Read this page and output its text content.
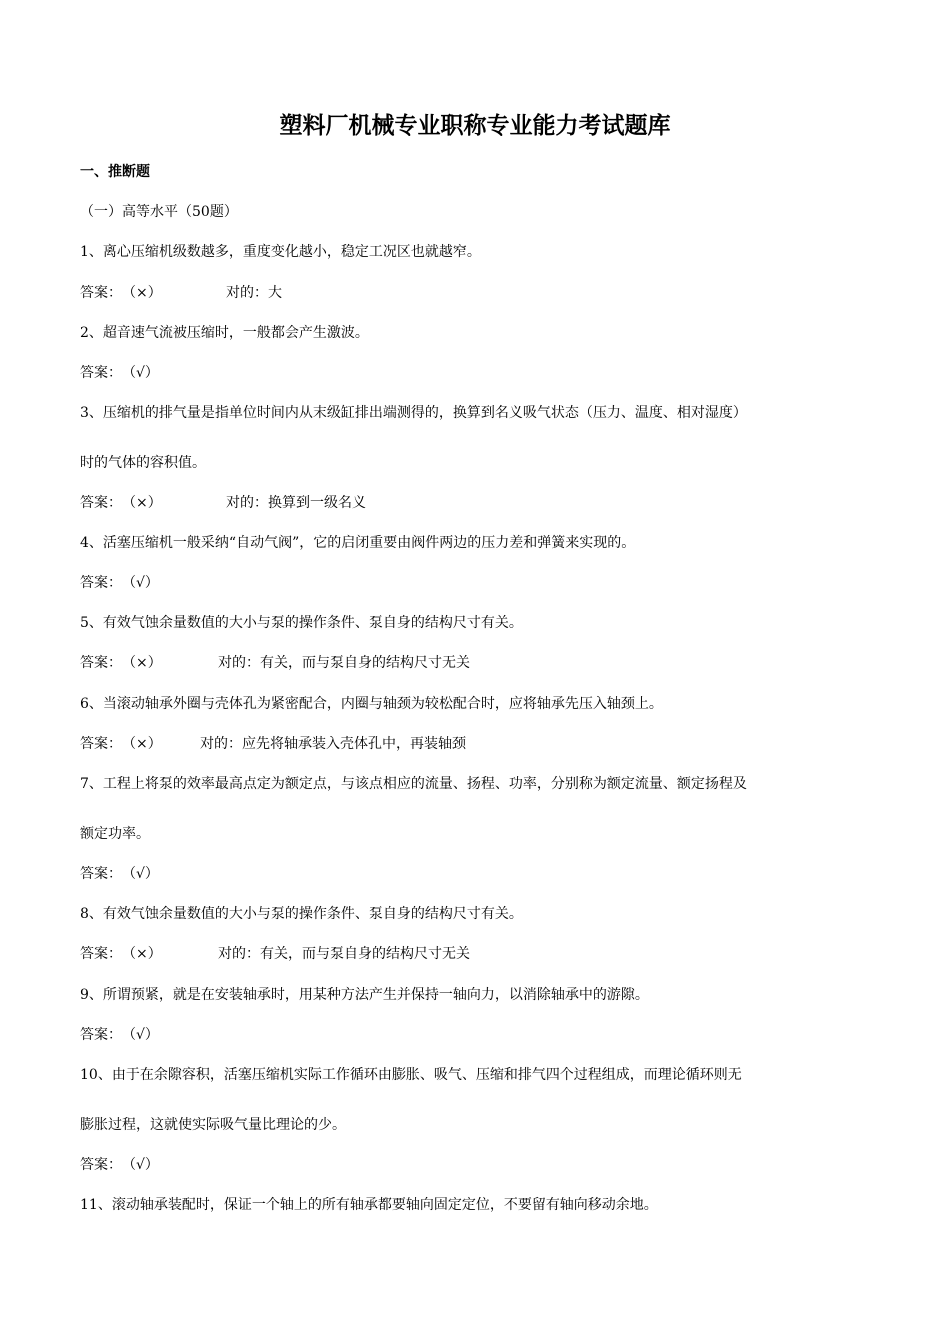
塑料厂机械专业职称专业能力考试题库
一、推断题

（一）高等水平（50题）

1、离心压缩机级数越多，重度变化越小，稳定工况区也就越窄。

答案：（×）	对的：大

2、超音速气流被压缩时，一般都会产生激波。

答案：（√）

3、压缩机的排气量是指单位时间内从末级缸排出端测得的，换算到名义吸气状态（压力、温度、相对湿度）

时的气体的容积值。

答案：（×）	对的：换算到一级名义

4、活塞压缩机一般采纳“自动气阀”，它的启闭重要由阀件两边的压力差和弹簧来实现的。

答案：（√）

5、有效气蚀余量数值的大小与泵的操作条件、泵自身的结构尺寸有关。

答案：（×）	对的：有关，而与泵自身的结构尺寸无关

6、当滚动轴承外圈与壳体孔为紧密配合，内圈与轴颈为较松配合时，应将轴承先压入轴颈上。

答案：（×）	对的：应先将轴承装入壳体孔中，再装轴颈

7、工程上将泵的效率最高点定为额定点，与该点相应的流量、扬程、功率，分别称为额定流量、额定扬程及

额定功率。

答案：（√）

8、有效气蚀余量数值的大小与泵的操作条件、泵自身的结构尺寸有关。

答案：（×）	对的：有关，而与泵自身的结构尺寸无关

9、所谓预紧，就是在安装轴承时，用某种方法产生并保持一轴向力，以消除轴承中的游隙。

答案：（√）

10、由于在余隙容积，活塞压缩机实际工作循环由膨胀、吸气、压缩和排气四个过程组成，而理论循环则无

膨胀过程，这就使实际吸气量比理论的少。

答案：（√）

11、滚动轴承装配时，保证一个轴上的所有轴承都要轴向固定定位，不要留有轴向移动余地。
